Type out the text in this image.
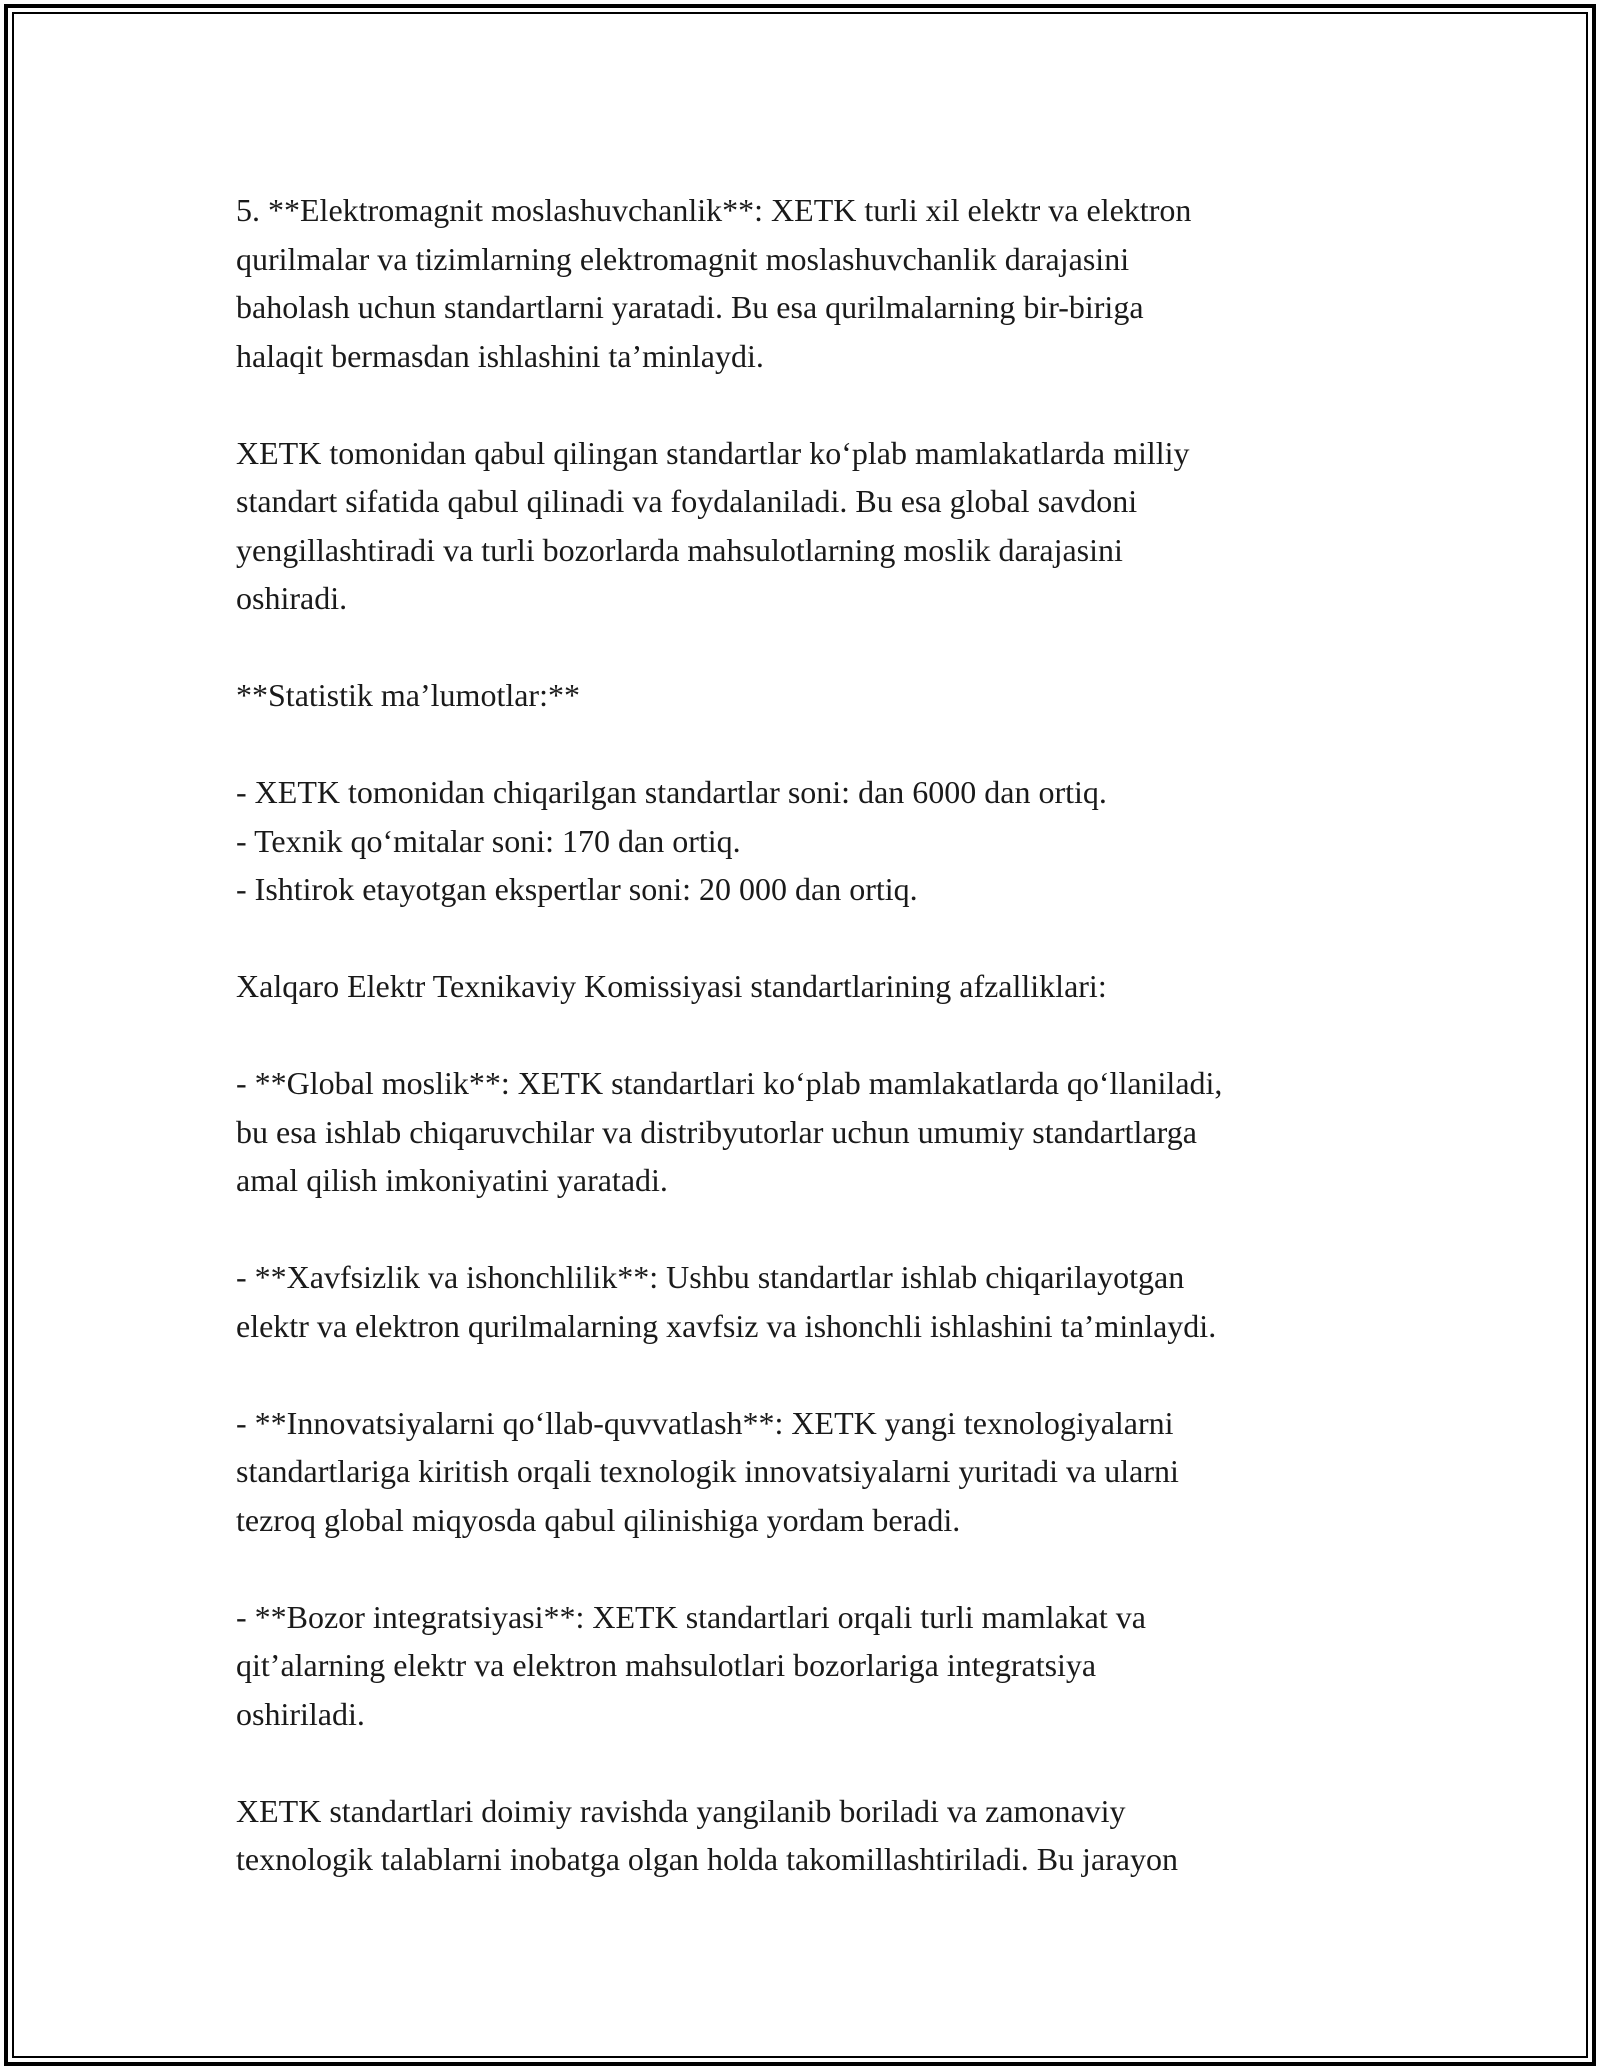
5. **Elektromagnit moslashuvchanlik**: XETK turli xil elektr va elektron
qurilmalar va tizimlarning elektromagnit moslashuvchanlik darajasini
baholash uchun standartlarni yaratadi. Bu esa qurilmalarning bir-biriga
halaqit bermasdan ishlashini ta’minlaydi.

XETK tomonidan qabul qilingan standartlar ko‘plab mamlakatlarda milliy
standart sifatida qabul qilinadi va foydalaniladi. Bu esa global savdoni
yengillashtiradi va turli bozorlarda mahsulotlarning moslik darajasini
oshiradi.

**Statistik ma’lumotlar:**

- XETK tomonidan chiqarilgan standartlar soni: dan 6000 dan ortiq.
- Texnik qo‘mitalar soni: 170 dan ortiq.
- Ishtirok etayotgan ekspertlar soni: 20 000 dan ortiq.

Xalqaro Elektr Texnikaviy Komissiyasi standartlarining afzalliklari:

- **Global moslik**: XETK standartlari ko‘plab mamlakatlarda qo‘llaniladi,
bu esa ishlab chiqaruvchilar va distribyutorlar uchun umumiy standartlarga
amal qilish imkoniyatini yaratadi.

- **Xavfsizlik va ishonchlilik**: Ushbu standartlar ishlab chiqarilayotgan
elektr va elektron qurilmalarning xavfsiz va ishonchli ishlashini ta’minlaydi.

- **Innovatsiyalarni qo‘llab-quvvatlash**: XETK yangi texnologiyalarni
standartlariga kiritish orqali texnologik innovatsiyalarni yuritadi va ularni
tezroq global miqyosda qabul qilinishiga yordam beradi.

- **Bozor integratsiyasi**: XETK standartlari orqali turli mamlakat va
qit’alarning elektr va elektron mahsulotlari bozorlariga integratsiya
oshiriladi.

XETK standartlari doimiy ravishda yangilanib boriladi va zamonaviy
texnologik talablarni inobatga olgan holda takomillashtiriladi. Bu jarayon
